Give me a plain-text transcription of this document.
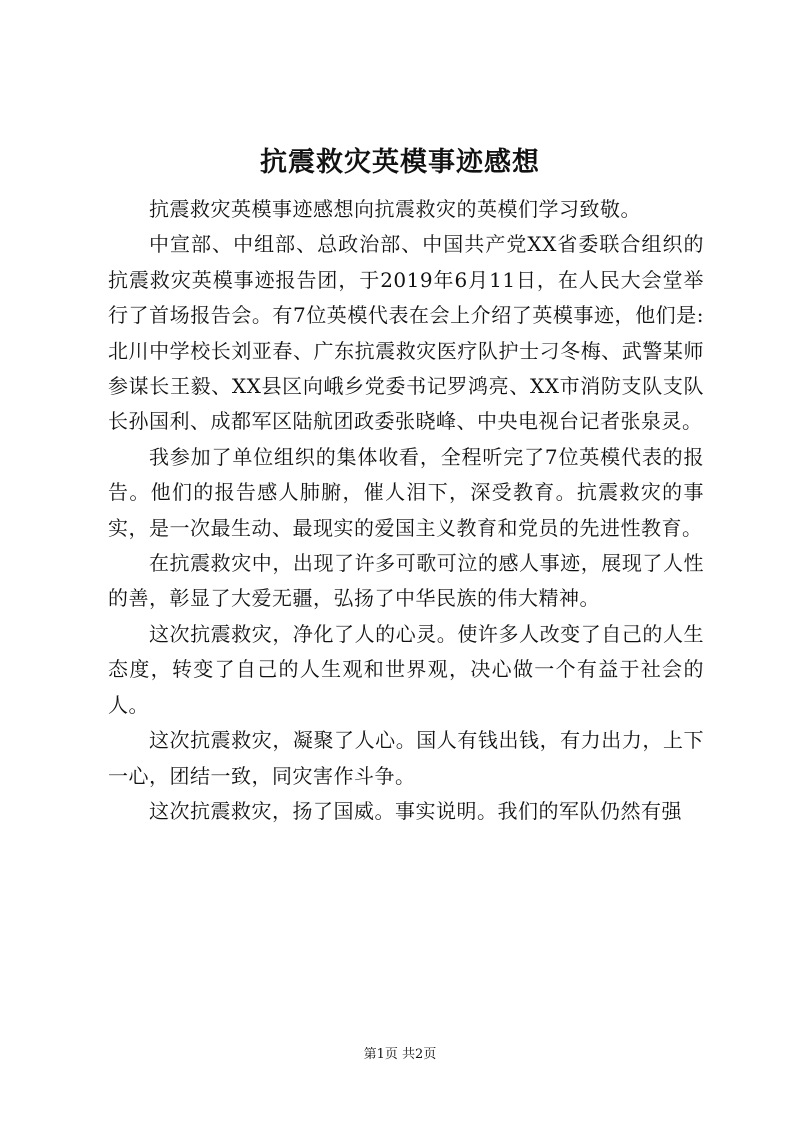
抗震救灾英模事迹感想

抗震救灾英模事迹感想向抗震救灾的英模们学习致敬。

中宣部、中组部、总政治部、中国共产党XX省委联合组织的抗震救灾英模事迹报告团，于2019年6月11日，在人民大会堂举行了首场报告会。有7位英模代表在会上介绍了英模事迹，他们是:北川中学校长刘亚春、广东抗震救灾医疗队护士刁冬梅、武警某师参谋长王毅、XX县区向峨乡党委书记罗鸿亮、XX市消防支队支队长孙国利、成都军区陆航团政委张晓峰、中央电视台记者张泉灵。

我参加了单位组织的集体收看，全程听完了7位英模代表的报告。他们的报告感人肺腑，催人泪下，深受教育。抗震救灾的事实，是一次最生动、最现实的爱国主义教育和党员的先进性教育。

在抗震救灾中，出现了许多可歌可泣的感人事迹，展现了人性的善，彰显了大爱无疆，弘扬了中华民族的伟大精神。

这次抗震救灾，净化了人的心灵。使许多人改变了自己的人生态度，转变了自己的人生观和世界观，决心做一个有益于社会的人。

这次抗震救灾，凝聚了人心。国人有钱出钱，有力出力，上下一心，团结一致，同灾害作斗争。

这次抗震救灾，扬了国威。事实说明。我们的军队仍然有强

第1页 共2页
